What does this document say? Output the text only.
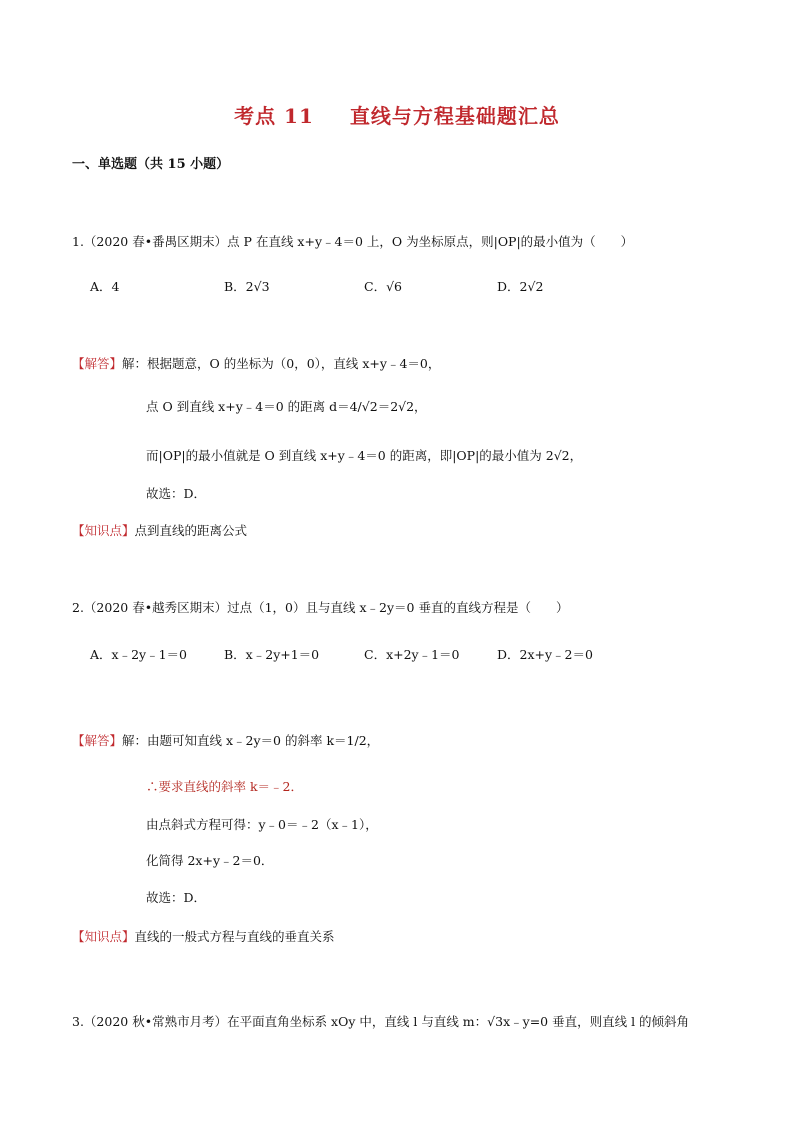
考点 11 直线与方程基础题汇总
一、单选题（共 15 小题）
1.（2020 春•番禺区期末）点 P 在直线 x+y﹣4＝0 上，O 为坐标原点，则|OP|的最小值为（　　）
A．4	B．2√3	C．√6	D．2√2
【解答】解：根据题意，O 的坐标为（0，0），直线 x+y﹣4＝0，
点 O 到直线 x+y﹣4＝0 的距离 d＝4/√2＝2√2，
而|OP|的最小值就是 O 到直线 x+y﹣4＝0 的距离，即|OP|的最小值为 2√2，
故选：D．
【知识点】点到直线的距离公式
2.（2020 春•越秀区期末）过点（1，0）且与直线 x﹣2y＝0 垂直的直线方程是（　　）
A．x﹣2y﹣1＝0	B．x﹣2y+1＝0	C．x+2y﹣1＝0	D．2x+y﹣2＝0
【解答】解：由题可知直线 x﹣2y＝0 的斜率 k＝1/2，
∴要求直线的斜率 k＝﹣2．
由点斜式方程可得：y﹣0＝﹣2（x﹣1），
化简得 2x+y﹣2＝0．
故选：D．
【知识点】直线的一般式方程与直线的垂直关系
3.（2020 秋•常熟市月考）在平面直角坐标系 xOy 中，直线 l 与直线 m：√3x﹣y=0 垂直，则直线 l 的倾斜角
